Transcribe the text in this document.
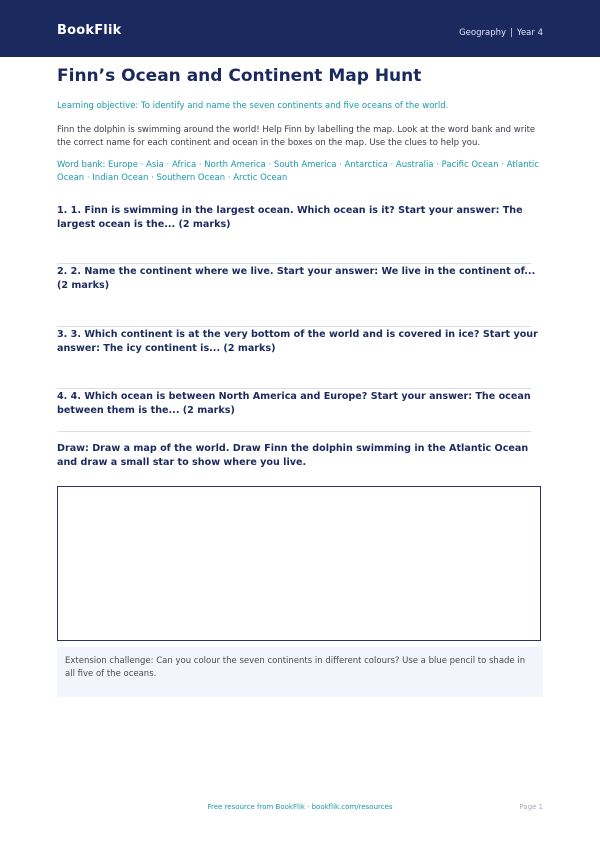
BookFlik	Geography | Year 4
Finn’s Ocean and Continent Map Hunt
Learning objective: To identify and name the seven continents and five oceans of the world.
Finn the dolphin is swimming around the world! Help Finn by labelling the map. Look at the word bank and write the correct name for each continent and ocean in the boxes on the map. Use the clues to help you.
Word bank: Europe · Asia · Africa · North America · South America · Antarctica · Australia · Pacific Ocean · Atlantic Ocean · Indian Ocean · Southern Ocean · Arctic Ocean
1. 1. Finn is swimming in the largest ocean. Which ocean is it? Start your answer: The largest ocean is the... (2 marks)
2. 2. Name the continent where we live. Start your answer: We live in the continent of... (2 marks)
3. 3. Which continent is at the very bottom of the world and is covered in ice? Start your answer: The icy continent is... (2 marks)
4. 4. Which ocean is between North America and Europe? Start your answer: The ocean between them is the... (2 marks)
Draw: Draw a map of the world. Draw Finn the dolphin swimming in the Atlantic Ocean and draw a small star to show where you live.
Extension challenge: Can you colour the seven continents in different colours? Use a blue pencil to shade in all five of the oceans.
Free resource from BookFlik · bookflik.com/resources	Page 1
